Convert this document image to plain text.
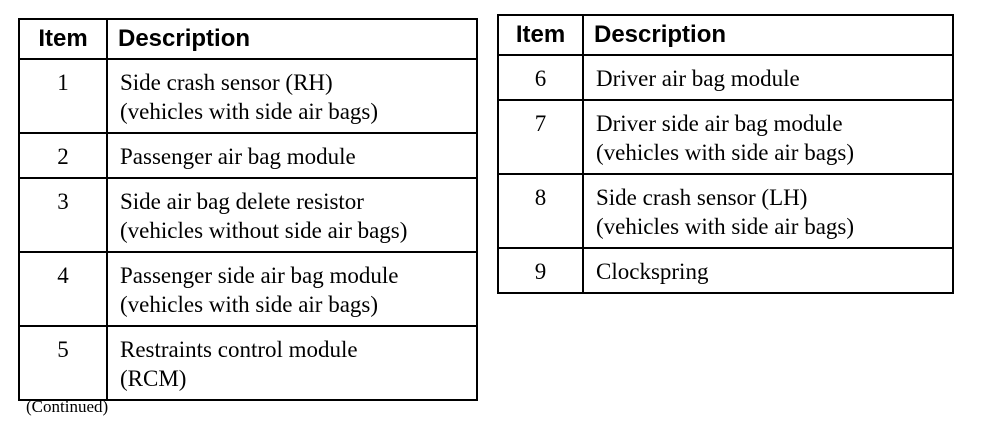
Item	Description
1	Side crash sensor (RH)
(vehicles with side air bags)

2	Passenger air bag module

3	Side air bag delete resistor
(vehicles without side air bags)

4	Passenger side air bag module
(vehicles with side air bags)

5	Restraints control module
(RCM)
Item	Description
6	Driver air bag module

7	Driver side air bag module
(vehicles with side air bags)

8	Side crash sensor (LH)
(vehicles with side air bags)

9	Clockspring
(Continued)
